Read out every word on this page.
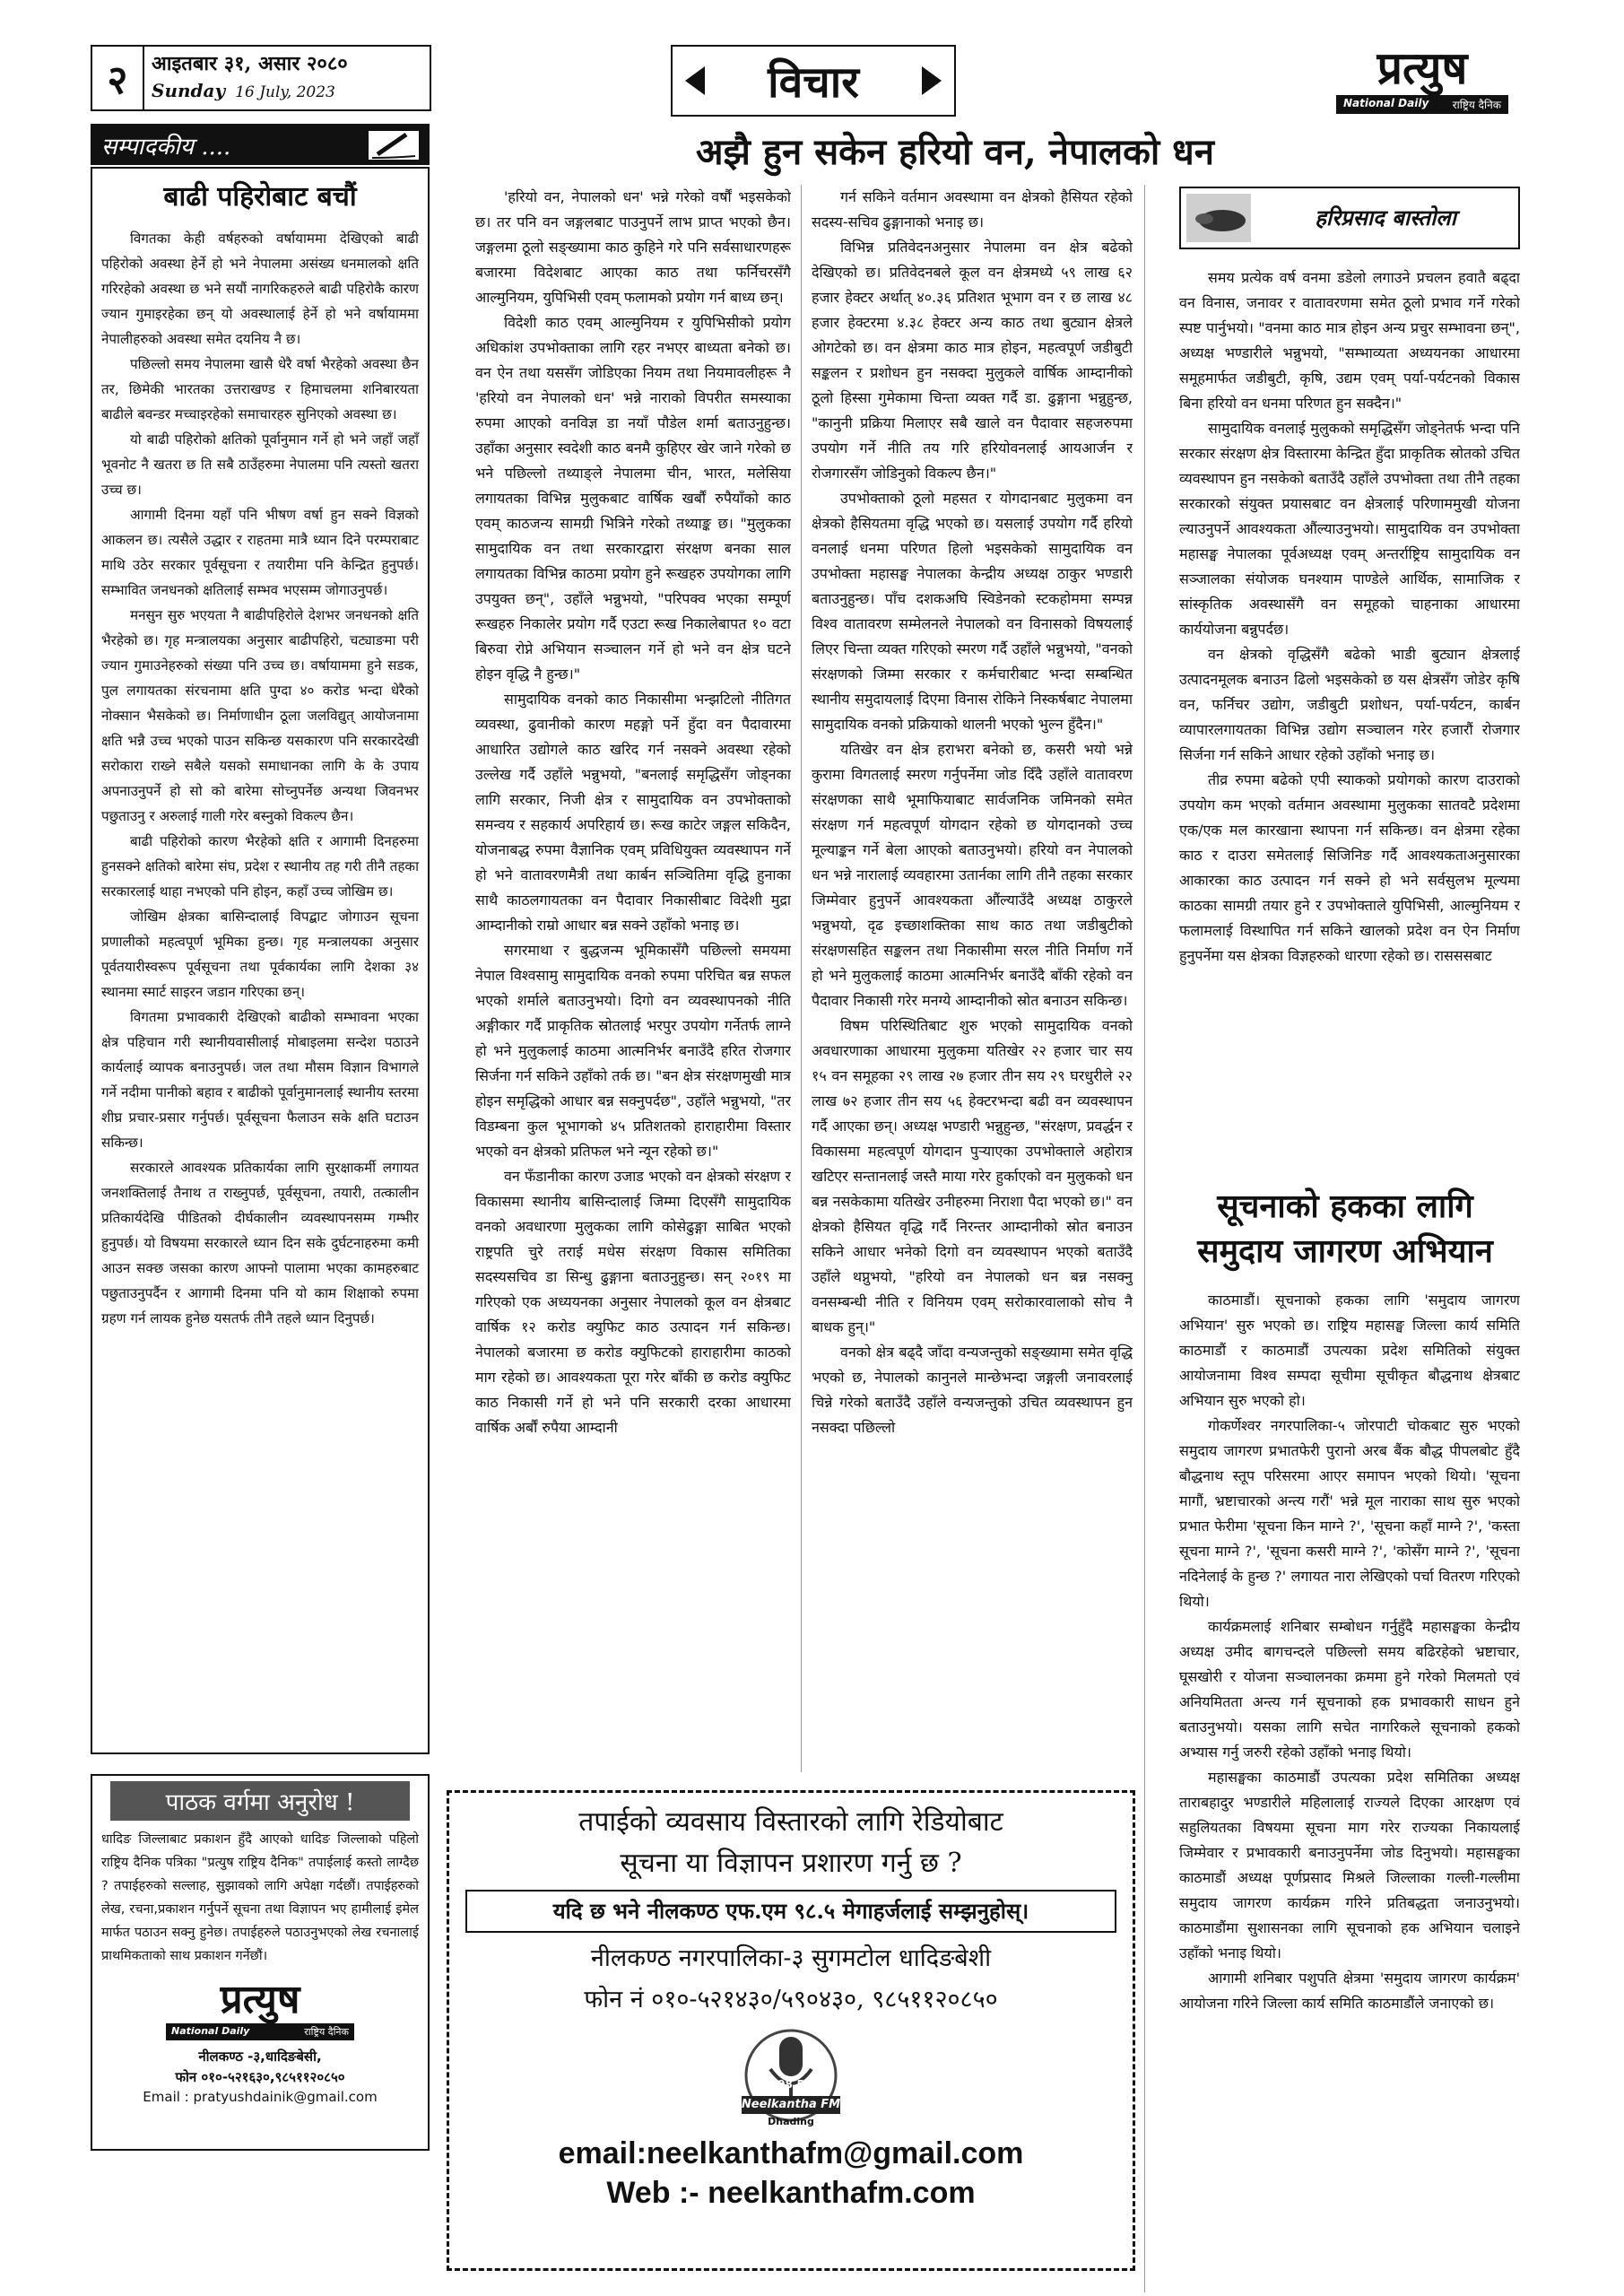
२ आइतबार ३१, असार २०८०
Sunday 16 July, 2023	विचार	प्रत्युष
National Daily राष्ट्रिय दैनिक
सम्पादकीय ....
बाढी पहिरोबाट बचौं

विगतका केही वर्षहरुको वर्षायाममा देखिएको बाढी पहिरोको अवस्था हेर्ने हो भने नेपालमा असंख्य धनमालको क्षति गरिरहेको अवस्था छ भने सयौं नागरिकहरुले बाढी पहिरोकै कारण ज्यान गुमाइरहेका छन् यो अवस्थालाई हेर्ने हो भने वर्षायाममा नेपालीहरुको अवस्था समेत दयनिय नै छ।

पछिल्लो समय नेपालमा खासै धेरै वर्षा भैरहेको अवस्था छैन तर, छिमेकी भारतका उत्तराखण्ड र हिमाचलमा शनिबारयता बाढीले बवन्डर मच्चाइरहेको समाचारहरु सुनिएको अवस्था छ।

यो बाढी पहिरोको क्षतिको पूर्वानुमान गर्ने हो भने जहाँ जहाँ भूवनोट नै खतरा छ ति सबै ठाउँहरुमा नेपालमा पनि त्यस्तो खतरा उच्च छ।

आगामी दिनमा यहाँ पनि भीषण वर्षा हुन सक्ने विज्ञको आकलन छ। त्यसैले उद्धार र राहतमा मात्रै ध्यान दिने परम्पराबाट माथि उठेर सरकार पूर्वसूचना र तयारीमा पनि केन्द्रित हुनुपर्छ। सम्भावित जनधनको क्षतिलाई सम्भव भएसम्म जोगाउनुपर्छ।

मनसुन सुरु भएयता नै बाढीपहिरोले देशभर जनधनको क्षति भैरहेको छ। गृह मन्त्रालयका अनुसार बाढीपहिरो, चट्याङमा परी ज्यान गुमाउनेहरुको संख्या पनि उच्च छ। वर्षायाममा हुने सडक, पुल लगायतका संरचनामा क्षति पुग्दा ४० करोड भन्दा धेरैको नोक्सान भैसकेको छ। निर्माणाधीन ठूला जलविद्युत् आयोजनामा क्षति भन्नै उच्च भएको पाउन सकिन्छ यसकारण पनि सरकारदेखी सरोकारा राख्ने सबैले यसको समाधानका लागि के के उपाय अपनाउनुपर्ने हो सो को बारेमा सोच्नुपर्नेछ अन्यथा जिवनभर पछुताउनु र अरुलाई गाली गरेर बस्नुको विकल्प छैन।

बाढी पहिरोको कारण भैरहेको क्षति र आगामी दिनहरुमा हुनसक्ने क्षतिको बारेमा संघ, प्रदेश र स्थानीय तह गरी तीनै तहका सरकारलाई थाहा नभएको पनि होइन, कहाँ उच्च जोखिम छ।

जोखिम क्षेत्रका बासिन्दालाई विपद्बाट जोगाउन सूचना प्रणालीको महत्वपूर्ण भूमिका हुन्छ। गृह मन्त्रालयका अनुसार पूर्वतयारीस्वरूप पूर्वसूचना तथा पूर्वकार्यका लागि देशका ३४ स्थानमा स्मार्ट साइरन जडान गरिएका छन्।

विगतमा प्रभावकारी देखिएको बाढीको सम्भावना भएका क्षेत्र पहिचान गरी स्थानीयवासीलाई मोबाइलमा सन्देश पठाउने कार्यलाई व्यापक बनाउनुपर्छ। जल तथा मौसम विज्ञान विभागले गर्ने नदीमा पानीको बहाव र बाढीको पूर्वानुमानलाई स्थानीय स्तरमा शीघ्र प्रचार-प्रसार गर्नुपर्छ। पूर्वसूचना फैलाउन सके क्षति घटाउन सकिन्छ।

सरकारले आवश्यक प्रतिकार्यका लागि सुरक्षाकर्मी लगायत जनशक्तिलाई तैनाथ त राख्नुपर्छ, पूर्वसूचना, तयारी, तत्कालीन प्रतिकार्यदेखि पीडितको दीर्घकालीन व्यवस्थापनसम्म गम्भीर हुनुपर्छ। यो विषयमा सरकारले ध्यान दिन सके दुर्घटनाहरुमा कमी आउन सक्छ जसका कारण आफ्नो पालामा भएका कामहरुबाट पछुताउनुपर्दैन र आगामी दिनमा पनि यो काम शिक्षाको रुपमा ग्रहण गर्न लायक हुनेछ यसतर्फ तीनै तहले ध्यान दिनुपर्छ।

पाठक वर्गमा अनुरोध !

धादिङ जिल्लाबाट प्रकाशन हुँदै आएको धादिङ जिल्लाको पहिलो राष्ट्रिय दैनिक पत्रिका "प्रत्युष राष्ट्रिय दैनिक" तपाईलाई कस्तो लाग्दैछ ? तपाईहरुको सल्लाह, सुझावको लागि अपेक्षा गर्दछौं। तपाईहरुको लेख, रचना,प्रकाशन गर्नुपर्ने सूचना तथा विज्ञापन भए हामीलाई इमेल मार्फत पठाउन सक्नु हुनेछ। तपाईहरुले पठाउनुभएको लेख रचनालाई प्राथमिकताको साथ प्रकाशन गर्नेछौं।

प्रत्युष
National Daily	राष्ट्रिय दैनिक
नीलकण्ठ -३,धादिङबेसी,
फोन ०१०-५२१६३०,९८५११२०८५०
Email : pratyushdainik@gmail.com
अझै हुन सकेन हरियो वन, नेपालको धन

'हरियो वन, नेपालको धन' भन्ने गरेको वर्षौं भइसकेको छ। तर पनि वन जङ्गलबाट पाउनुपर्ने लाभ प्राप्त भएको छैन। जङ्गलमा ठूलो सङ्ख्यामा काठ कुहिने गरे पनि सर्वसाधारणहरू बजारमा विदेशबाट आएका काठ तथा फर्निचरसँगै आल्मुनियम, युपिभिसी एवम् फलामको प्रयोग गर्न बाध्य छन्।

विदेशी काठ एवम् आल्मुनियम र युपिभिसीको प्रयोग अधिकांश उपभोक्ताका लागि रहर नभएर बाध्यता बनेको छ। वन ऐन तथा यससँग जोडिएका नियम तथा नियमावलीहरू नै 'हरियो वन नेपालको धन' भन्ने नाराको विपरीत समस्याका रुपमा आएको वनविज्ञ डा नयाँ पौडेल शर्मा बताउनुहुन्छ। उहाँका अनुसार स्वदेशी काठ बनमै कुहिएर खेर जाने गरेको छ भने पछिल्लो तथ्याङ्ले नेपालमा चीन, भारत, मलेसिया लगायतका विभिन्न मुलुकबाट वार्षिक खर्बौं रुपैयाँको काठ एवम् काठजन्य सामग्री भित्रिने गरेको तथ्याङ्क छ। "मुलुकका सामुदायिक वन तथा सरकारद्वारा संरक्षण बनका साल लगायतका विभिन्न काठमा प्रयोग हुने रूखहरु उपयोगका लागि उपयुक्त छन्", उहाँले भन्नुभयो, "परिपक्व भएका सम्पूर्ण रूखहरु निकालेर प्रयोग गर्दै एउटा रूख निकालेबापत १० वटा बिरुवा रोप्ने अभियान सञ्चालन गर्ने हो भने वन क्षेत्र घटने होइन वृद्धि नै हुन्छ।"

सामुदायिक वनको काठ निकासीमा भन्झटिलो नीतिगत व्यवस्था, ढुवानीको कारण महङ्गो पर्ने हुँदा वन पैदावारमा आधारित उद्योगले काठ खरिद गर्न नसक्ने अवस्था रहेको उल्लेख गर्दै उहाँले भन्नुभयो, "बनलाई समृद्धिसँग जोड्नका लागि सरकार, निजी क्षेत्र र सामुदायिक वन उपभोक्ताको समन्वय र सहकार्य अपरिहार्य छ। रूख काटेर जङ्गल सकिदैन, योजनाबद्ध रुपमा वैज्ञानिक एवम् प्रविधियुक्त व्यवस्थापन गर्ने हो भने वातावरणमैत्री तथा कार्बन सञ्चितिमा वृद्धि हुनाका साथै काठलगायतका वन पैदावार निकासीबाट विदेशी मुद्रा आम्दानीको राम्रो आधार बन्न सक्ने उहाँको भनाइ छ।

सगरमाथा र बुद्धजन्म भूमिकासँगै पछिल्लो समयमा नेपाल विश्वसामु सामुदायिक वनको रुपमा परिचित बन्न सफल भएको शर्माले बताउनुभयो। दिगो वन व्यवस्थापनको नीति अङ्गीकार गर्दै प्राकृतिक स्रोतलाई भरपुर उपयोग गर्नेतर्फ लाग्ने हो भने मुलुकलाई काठमा आत्मनिर्भर बनाउँदै हरित रोजगार सिर्जना गर्न सकिने उहाँको तर्क छ। "बन क्षेत्र संरक्षणमुखी मात्र होइन समृद्धिको आधार बन्न सक्नुपर्दछ", उहाँले भन्नुभयो, "तर विडम्बना कुल भूभागको ४५ प्रतिशतको हाराहारीमा विस्तार भएको वन क्षेत्रको प्रतिफल भने न्यून रहेको छ।"

वन फँडानीका कारण उजाड भएको वन क्षेत्रको संरक्षण र विकासमा स्थानीय बासिन्दालाई जिम्मा दिएसँगै सामुदायिक वनको अवधारणा मुलुकका लागि कोसेढुङ्गा साबित भएको राष्ट्रपति चुरे तराई मधेस संरक्षण विकास समितिका सदस्यसचिव डा सिन्धु ढुङ्गाना बताउनुहुन्छ। सन् २०१९ मा गरिएको एक अध्ययनका अनुसार नेपालको कूल वन क्षेत्रबाट वार्षिक १२ करोड क्युफिट काठ उत्पादन गर्न सकिन्छ। नेपालको बजारमा छ करोड क्युफिटको हाराहारीमा काठको माग रहेको छ। आवश्यकता पूरा गरेर बाँकी छ करोड क्युफिट काठ निकासी गर्ने हो भने पनि सरकारी दरका आधारमा वार्षिक अर्बौं रुपैया आम्दानी

गर्न सकिने वर्तमान अवस्थामा वन क्षेत्रको हैसियत रहेको सदस्य-सचिव ढुङ्गानाको भनाइ छ।

विभिन्न प्रतिवेदनअनुसार नेपालमा वन क्षेत्र बढेको देखिएको छ। प्रतिवेदनबले कूल वन क्षेत्रमध्ये ५९ लाख ६२ हजार हेक्टर अर्थात् ४०.३६ प्रतिशत भूभाग वन र छ लाख ४८ हजार हेक्टरमा ४.३८ हेक्टर अन्य काठ तथा बुट्यान क्षेत्रले ओगटेको छ। वन क्षेत्रमा काठ मात्र होइन, महत्वपूर्ण जडीबुटी सङ्कलन र प्रशोधन हुन नसक्दा मुलुकले वार्षिक आम्दानीको ठूलो हिस्सा गुमेकामा चिन्ता व्यक्त गर्दै डा. ढुङ्गाना भन्नुहुन्छ, "कानुनी प्रक्रिया मिलाएर सबै खाले वन पैदावार सहजरुपमा उपयोग गर्ने नीति तय गरि हरियोवनलाई आयआर्जन र रोजगारसँग जोडिनुको विकल्प छैन।"

उपभोक्ताको ठूलो महसत र योगदानबाट मुलुकमा वन क्षेत्रको हैसियतमा वृद्धि भएको छ। यसलाई उपयोग गर्दै हरियो वनलाई धनमा परिणत हिलो भइसकेको सामुदायिक वन उपभोक्ता महासङ्घ नेपालका केन्द्रीय अध्यक्ष ठाकुर भण्डारी बताउनुहुन्छ। पाँच दशकअघि स्विडेनको स्टकहोममा सम्पन्न विश्व वातावरण सम्मेलनले नेपालको वन विनासको विषयलाई लिएर चिन्ता व्यक्त गरिएको स्मरण गर्दै उहाँले भन्नुभयो, "वनको संरक्षणको जिम्मा सरकार र कर्मचारीबाट भन्दा सम्बन्धित स्थानीय समुदायलाई दिएमा विनास रोकिने निस्कर्षबाट नेपालमा सामुदायिक वनको प्रक्रियाको थालनी भएको भुल्न हुँदैन।"

यतिखेर वन क्षेत्र हराभरा बनेको छ, कसरी भयो भन्ने कुरामा विगतलाई स्मरण गर्नुपर्नेमा जोड दिँदै उहाँले वातावरण संरक्षणका साथै भूमाफियाबाट सार्वजनिक जमिनको समेत संरक्षण गर्न महत्वपूर्ण योगदान रहेको छ योगदानको उच्च मूल्याङ्कन गर्ने बेला आएको बताउनुभयो। हरियो वन नेपालको धन भन्ने नारालाई व्यवहारमा उतार्नका लागि तीनै तहका सरकार जिम्मेवार हुनुपर्ने आवश्यकता औंल्याउँदै अध्यक्ष ठाकुरले भन्नुभयो, दृढ इच्छाशक्तिका साथ काठ तथा जडीबुटीको संरक्षणसहित सङ्कलन तथा निकासीमा सरल नीति निर्माण गर्ने हो भने मुलुकलाई काठमा आत्मनिर्भर बनाउँदै बाँकी रहेको वन पैदावार निकासी गरेर मनग्ये आम्दानीको स्रोत बनाउन सकिन्छ।

विषम परिस्थितिबाट शुरु भएको सामुदायिक वनको अवधारणाका आधारमा मुलुकमा यतिखेर २२ हजार चार सय १५ वन समूहका २९ लाख २७ हजार तीन सय २९ घरधुरीले २२ लाख ७२ हजार तीन सय ५६ हेक्टरभन्दा बढी वन व्यवस्थापन गर्दै आएका छन्। अध्यक्ष भण्डारी भन्नुहुन्छ, "संरक्षण, प्रवर्द्धन र विकासमा महत्वपूर्ण योगदान पुऱ्याएका उपभोक्ताले अहोरात्र खटिएर सन्तानलाई जस्तै माया गरेर हुर्काएको वन मुलुकको धन बन्न नसकेकामा यतिखेर उनीहरुमा निराशा पैदा भएको छ।" वन क्षेत्रको हैसियत वृद्धि गर्दै निरन्तर आम्दानीको स्रोत बनाउन सकिने आधार भनेको दिगो वन व्यवस्थापन भएको बताउँदै उहाँले थप्नुभयो, "हरियो वन नेपालको धन बन्न नसक्नु वनसम्बन्धी नीति र विनियम एवम् सरोकारवालाको सोच नै बाधक हुन्।"

वनको क्षेत्र बढ्दै जाँदा वन्यजन्तुको सङ्ख्यामा समेत वृद्धि भएको छ, नेपालको कानुनले मान्छेभन्दा जङ्गली जनावरलाई चिन्ने गरेको बताउँदै उहाँले वन्यजन्तुको उचित व्यवस्थापन हुन नसक्दा पछिल्लो

हरिप्रसाद बास्तोला

समय प्रत्येक वर्ष वनमा डडेलो लगाउने प्रचलन हवातै बढ्दा वन विनास, जनावर र वातावरणमा समेत ठूलो प्रभाव गर्ने गरेको स्पष्ट पार्नुभयो। "वनमा काठ मात्र होइन अन्य प्रचुर सम्भावना छन्", अध्यक्ष भण्डारीले भन्नुभयो, "सम्भाव्यता अध्ययनका आधारमा समूहमार्फत जडीबुटी, कृषि, उद्यम एवम् पर्या-पर्यटनको विकास बिना हरियो वन धनमा परिणत हुन सक्दैन।"

सामुदायिक वनलाई मुलुकको समृद्धिसँग जोड्नेतर्फ भन्दा पनि सरकार संरक्षण क्षेत्र विस्तारमा केन्द्रित हुँदा प्राकृतिक स्रोतको उचित व्यवस्थापन हुन नसकेको बताउँदै उहाँले उपभोक्ता तथा तीनै तहका सरकारको संयुक्त प्रयासबाट वन क्षेत्रलाई परिणाममुखी योजना ल्याउनुपर्ने आवश्यकता औंल्याउनुभयो। सामुदायिक वन उपभोक्ता महासङ्घ नेपालका पूर्वअध्यक्ष एवम् अन्तर्राष्ट्रिय सामुदायिक वन सञ्जालका संयोजक घनश्याम पाण्डेले आर्थिक, सामाजिक र सांस्कृतिक अवस्थासँगै वन समूहको चाहनाका आधारमा कार्ययोजना बन्नुपर्दछ।

वन क्षेत्रको वृद्धिसँगै बढेको भाडी बुट्यान क्षेत्रलाई उत्पादनमूलक बनाउन ढिलो भइसकेको छ यस क्षेत्रसँग जोडेर कृषि वन, फर्निचर उद्योग, जडीबुटी प्रशोधन, पर्या-पर्यटन, कार्बन व्यापारलगायतका विभिन्न उद्योग सञ्चालन गरेर हजारौं रोजगार सिर्जना गर्न सकिने आधार रहेको उहाँको भनाइ छ।

तीव्र रुपमा बढेको एपी स्याकको प्रयोगको कारण दाउराको उपयोग कम भएको वर्तमान अवस्थामा मुलुकका सातवटै प्रदेशमा एक/एक मल कारखाना स्थापना गर्न सकिन्छ। वन क्षेत्रमा रहेका काठ र दाउरा समेतलाई सिजिनिङ गर्दै आवश्यकताअनुसारका आकारका काठ उत्पादन गर्न सक्ने हो भने सर्वसुलभ मूल्यमा काठका सामग्री तयार हुने र उपभोक्ताले युपिभिसी, आल्मुनियम र फलामलाई विस्थापित गर्न सकिने खालको प्रदेश वन ऐन निर्माण हुनुपर्नेमा यस क्षेत्रका विज्ञहरुको धारणा रहेको छ। रासससबाट

सूचनाको हकका लागि
समुदाय जागरण अभियान

काठमाडौं। सूचनाको हकका लागि 'समुदाय जागरण अभियान' सुरु भएको छ। राष्ट्रिय महासङ्घ जिल्ला कार्य समिति काठमाडौं र काठमाडौं उपत्यका प्रदेश समितिको संयुक्त आयोजनामा विश्व सम्पदा सूचीमा सूचीकृत बौद्धनाथ क्षेत्रबाट अभियान सुरु भएको हो।

गोकर्णेश्वर नगरपालिका-५ जोरपाटी चोकबाट सुरु भएको समुदाय जागरण प्रभातफेरी पुरानो अरब बैंक बौद्ध पीपलबोट हुँदै बौद्धनाथ स्तूप परिसरमा आएर समापन भएको थियो। 'सूचना मागौं, भ्रष्टाचारको अन्त्य गरौं' भन्ने मूल नाराका साथ सुरु भएको प्रभात फेरीमा 'सूचना किन माग्ने ?', 'सूचना कहाँ माग्ने ?', 'कस्ता सूचना माग्ने ?', 'सूचना कसरी माग्ने ?', 'कोसँग माग्ने ?', 'सूचना नदिनेलाई के हुन्छ ?' लगायत नारा लेखिएको पर्चा वितरण गरिएको थियो।

कार्यक्रमलाई शनिबार सम्बोधन गर्नुहुँदै महासङ्घका केन्द्रीय अध्यक्ष उमीद बागचन्दले पछिल्लो समय बढिरहेको भ्रष्टाचार, घूसखोरी र योजना सञ्चालनका क्रममा हुने गरेको मिलमतो एवं अनियमितता अन्त्य गर्न सूचनाको हक प्रभावकारी साधन हुने बताउनुभयो। यसका लागि सचेत नागरिकले सूचनाको हकको अभ्यास गर्नु जरुरी रहेको उहाँको भनाइ थियो।

महासङ्घका काठमाडौं उपत्यका प्रदेश समितिका अध्यक्ष ताराबहादुर भण्डारीले महिलालाई राज्यले दिएका आरक्षण एवं सहुलियतका विषयमा सूचना माग गरेर राज्यका निकायलाई जिम्मेवार र प्रभावकारी बनाउनुपर्नेमा जोड दिनुभयो। महासङ्घका काठमाडौं अध्यक्ष पूर्णप्रसाद मिश्रले जिल्लाका गल्ली-गल्लीमा समुदाय जागरण कार्यक्रम गरिने प्रतिबद्धता जनाउनुभयो। काठमाडौंमा सुशासनका लागि सूचनाको हक अभियान चलाइने उहाँको भनाइ थियो।

आगामी शनिबार पशुपति क्षेत्रमा 'समुदाय जागरण कार्यक्रम' आयोजना गरिने जिल्ला कार्य समिति काठमाडौंले जनाएको छ।

तपाईको व्यवसाय विस्तारको लागि रेडियोबाट
सूचना या विज्ञापन प्रशारण गर्नु छ ?
यदि छ भने नीलकण्ठ एफ.एम ९८.५ मेगाहर्जलाई सम्झनुहोस्।
नीलकण्ठ नगरपालिका-३ सुगमटोल धादिङबेशी
फोन नं ०१०-५२१४३०/५९०४३०, ९८५११२०८५०
98.5
Neelkantha FM
Dhading
email:neelkanthafm@gmail.com
Web :- neelkanthafm.com
